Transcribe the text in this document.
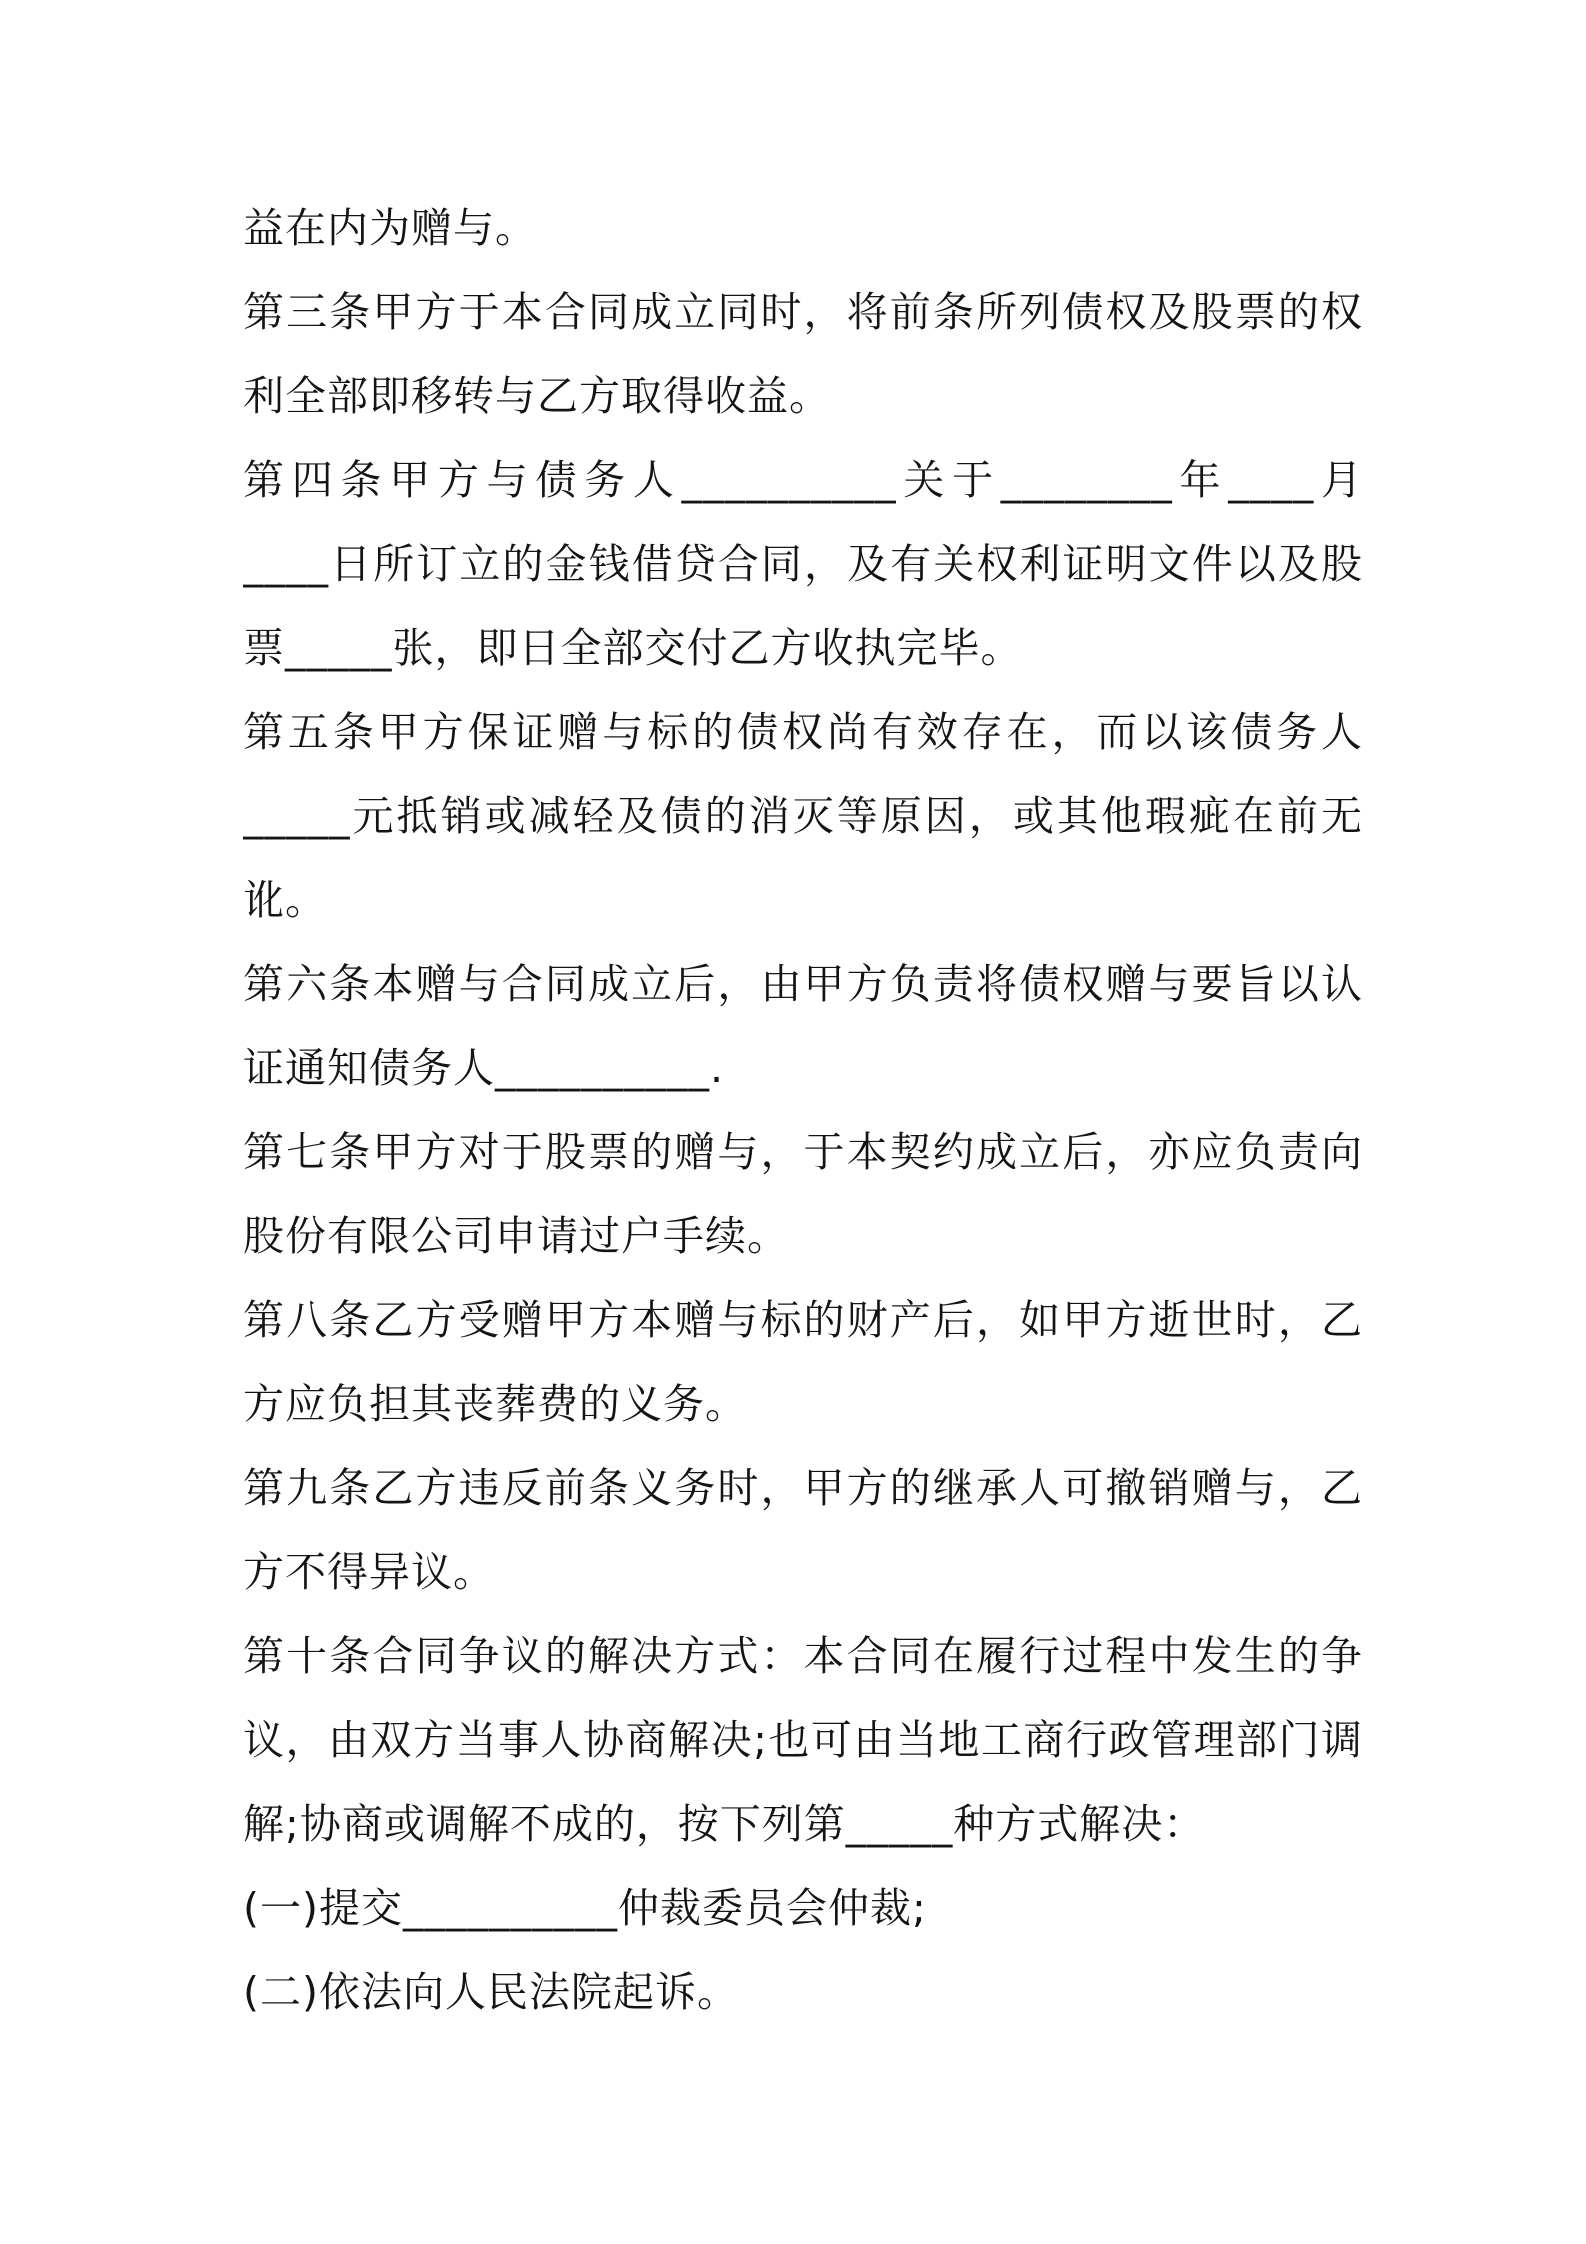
益在内为赠与。
第三条甲方于本合同成立同时，将前条所列债权及股票的权
利全部即移转与乙方取得收益。
第四条甲方与债务人__________关于________年____月
____日所订立的金钱借贷合同，及有关权利证明文件以及股
票_____张，即日全部交付乙方收执完毕。
第五条甲方保证赠与标的债权尚有效存在，而以该债务人
_____元抵销或减轻及债的消灭等原因，或其他瑕疵在前无
讹。
第六条本赠与合同成立后，由甲方负责将债权赠与要旨以认
证通知债务人__________.
第七条甲方对于股票的赠与，于本契约成立后，亦应负责向
股份有限公司申请过户手续。
第八条乙方受赠甲方本赠与标的财产后，如甲方逝世时，乙
方应负担其丧葬费的义务。
第九条乙方违反前条义务时，甲方的继承人可撤销赠与，乙
方不得异议。
第十条合同争议的解决方式：本合同在履行过程中发生的争
议，由双方当事人协商解决;也可由当地工商行政管理部门调
解;协商或调解不成的，按下列第_____种方式解决：
(一)提交__________仲裁委员会仲裁;
(二)依法向人民法院起诉。
